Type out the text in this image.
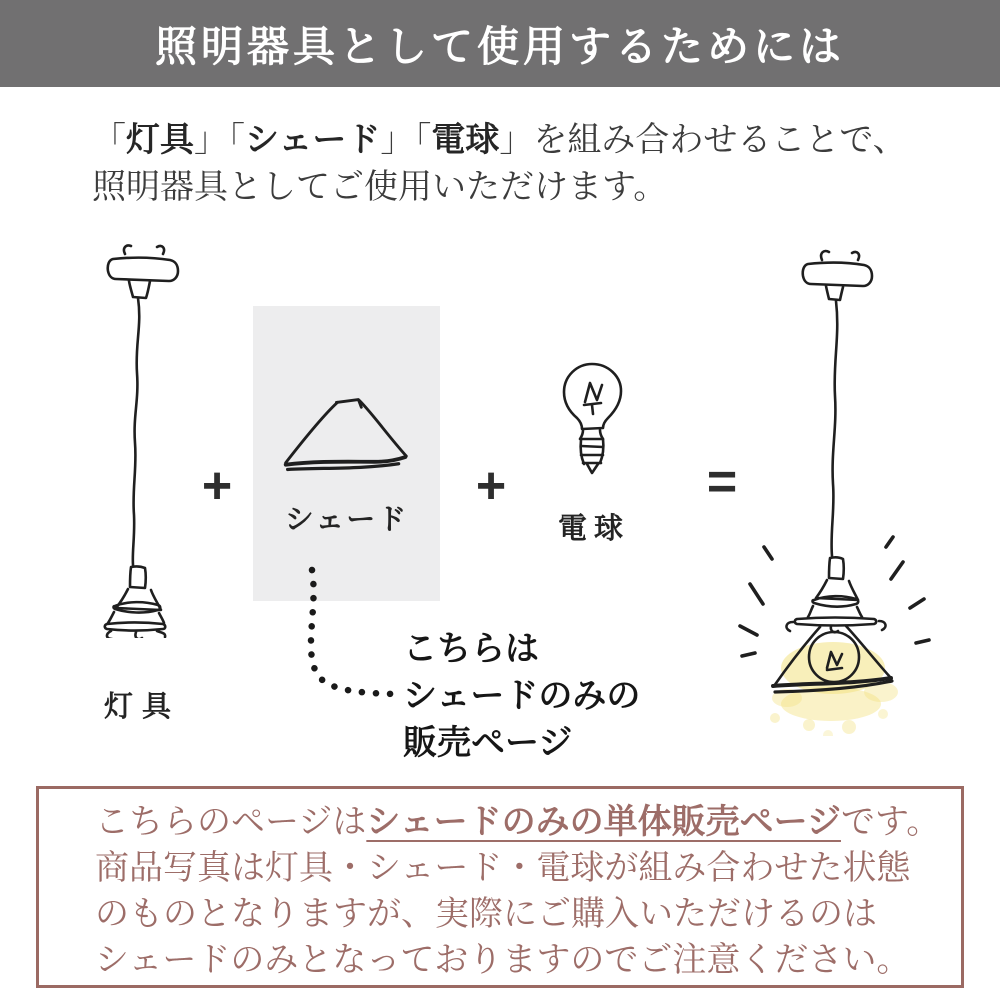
照明器具として使用するためには
「灯具」「シェード」「電球」を組み合わせることで、
照明器具としてご使用いただけます。
灯具
+
シェード
+
電球
=
こちらは
シェードのみの
販売ページ
こちらのページはシェードのみの単体販売ページです。
商品写真は灯具・シェード・電球が組み合わせた状態
のものとなりますが、実際にご購入いただけるのは
シェードのみとなっておりますのでご注意ください。
